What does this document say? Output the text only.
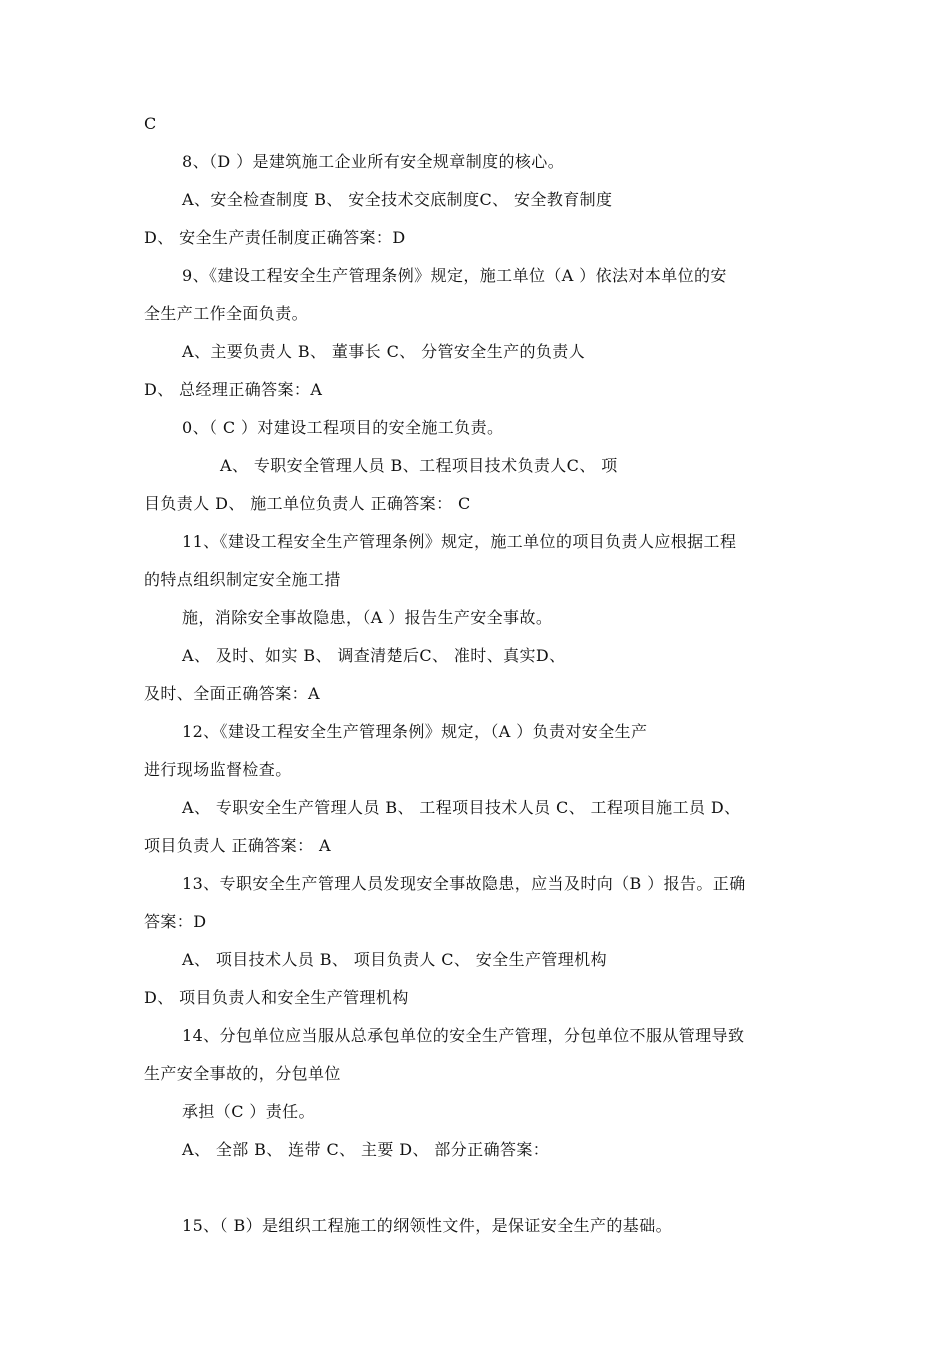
C
8、（D ）是建筑施工企业所有安全规章制度的核心。
A、安全检查制度 B、 安全技术交底制度C、 安全教育制度
D、 安全生产责任制度正确答案：D
9、《建设工程安全生产管理条例》规定，施工单位（A ）依法对本单位的安
全生产工作全面负责。
A、主要负责人 B、 董事长 C、 分管安全生产的负责人
D、 总经理正确答案：A
0、（ C ）对建设工程项目的安全施工负责。
A、 专职安全管理人员 B、工程项目技术负责人C、 项
目负责人 D、 施工单位负责人 正确答案： C
11、《建设工程安全生产管理条例》规定，施工单位的项目负责人应根据工程
的特点组织制定安全施工措
施，消除安全事故隐患，（A ）报告生产安全事故。
A、 及时、如实 B、 调查清楚后C、 准时、真实D、
及时、全面正确答案：A
12、《建设工程安全生产管理条例》规定，（A ）负责对安全生产
进行现场监督检查。
A、 专职安全生产管理人员 B、 工程项目技术人员 C、 工程项目施工员 D、
项目负责人 正确答案： A
13、专职安全生产管理人员发现安全事故隐患，应当及时向（B ）报告。正确
答案：D
A、 项目技术人员 B、 项目负责人 C、 安全生产管理机构
D、 项目负责人和安全生产管理机构
14、分包单位应当服从总承包单位的安全生产管理，分包单位不服从管理导致
生产安全事故的，分包单位
承担（C ）责任。
A、 全部 B、 连带 C、 主要 D、 部分正确答案：
15、（ B）是组织工程施工的纲领性文件，是保证安全生产的基础。
